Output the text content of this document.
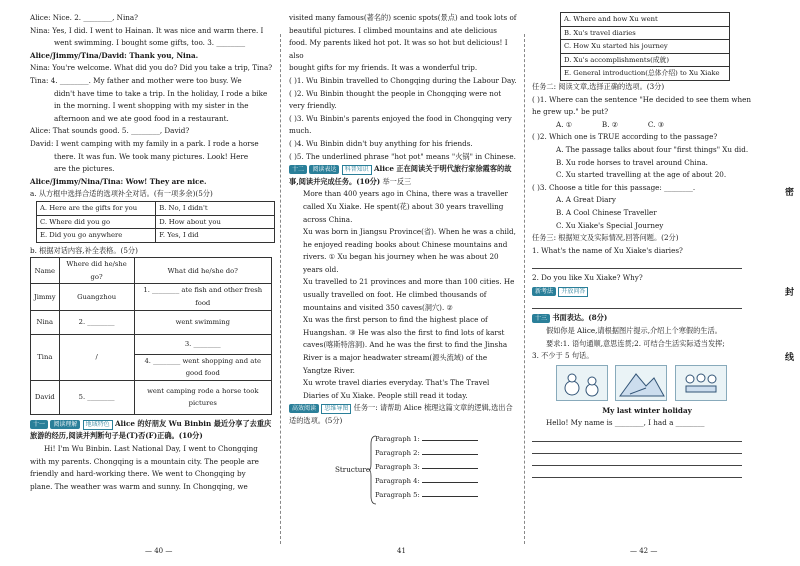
Alice: Nice. 2. ________, Nina?

Nina: Yes, I did. I went to Hainan. It was nice and warm there. I

went swimming. I bought some gifts, too. 3. ________

Alice/Jimmy/Tina/David: Thank you, Nina.

Nina: You're welcome. What did you do? Did you take a trip, Tina?

Tina: 4. ________. My father and mother were too busy. We

didn't have time to take a trip. In the holiday, I rode a bike

in the morning. I went shopping with my sister in the

afternoon and we ate good food in a restaurant.

Alice: That sounds good. 5. ________, David?

David: I went camping with my family in a park. I rode a horse

there. It was fun. We took many pictures. Look! Here

are the pictures.

Alice/Jimmy/Nina/Tina: Wow! They are nice.

a. 从方框中选择合适的选项补全对话。(有一项多余)(5分)

A. Here are the gifts for you	B. No, I didn't
C. Where did you go	D. How about you
E. Did you go anywhere	F. Yes, I did

b. 根据对话内容,补全表格。(5分)

Name	Where did he/she go?	What did he/she do?
Jimmy	Guangzhou	1. ________ ate fish and other fresh food
Nina	2. ________	went swimming
Tina	/	3. ________
		4. ________ went shopping and ate good food
David	5. ________	went camping rode a horse took pictures

十一 阅读理解 地域特色 Alice 的好朋友 Wu Binbin 最近分享了去重庆旅游的经历,阅读并判断句子是(T)否(F)正确。(10分)

Hi! I'm Wu Binbin. Last National Day, I went to Chongqing

with my parents. Chongqing is a mountain city. The people are

friendly and hard-working there. We went to Chongqing by

plane. The weather was warm and sunny. In Chongqing, we

— 40 —

visited many famous(著名的) scenic spots(景点) and took lots of

beautiful pictures. I climbed mountains and ate delicious

food. My parents liked hot pot. It was so hot but delicious! I also

bought gifts for my friends. It was a wonderful trip.

( )1. Wu Binbin travelled to Chongqing during the Labour Day.

( )2. Wu Binbin thought the people in Chongqing were not very friendly.

( )3. Wu Binbin's parents enjoyed the food in Chongqing very much.

( )4. Wu Binbin didn't buy anything for his friends.

( )5. The underlined phrase "hot pot" means "火锅" in Chinese.

十二 阅读表达 科普知识 Alice 正在阅读关于明代旅行家徐霞客的故事,阅读并完成任务。(10分) 举一反三

More than 400 years ago in China, there was a traveller called Xu Xiake. He spent(花) about 30 years travelling across China.

Xu was born in Jiangsu Province(省). When he was a child, he enjoyed reading books about Chinese mountains and rivers. ① Xu began his journey when he was about 20 years old.

Xu travelled to 21 provinces and more than 100 cities. He usually travelled on foot. He climbed thousands of mountains and visited 350 caves(洞穴). ②

Xu was the first person to find the highest place of Huangshan. ③ He was also the first to find lots of karst caves(喀斯特溶洞). And he was the first to find the Jinsha River is a major headwater stream(源头流域) of the Yangtze River.

Xu wrote travel diaries everyday. That's The Travel Diaries of Xu Xiake. People still read it today.

高效阅读 思维导图 任务一: 请帮助 Alice 梳理这篇文章的逻辑,选出合适的选项。(5分)

Structure
Paragraph 1:
Paragraph 2:
Paragraph 3:
Paragraph 4:
Paragraph 5:
41
A. Where and how Xu went
B. Xu's travel diaries
C. How Xu started his journey
D. Xu's accomplishments(成就)
E. General introduction(总体介绍) to Xu Xiake

任务二: 阅读文章,选择正确的选项。(3分)

( )1. Where can the sentence "He decided to see them when he grew up." be put?

A. ①	B. ②	C. ③

( )2. Which one is TRUE according to the passage?

A. The passage talks about four "first things" Xu did.

B. Xu rode horses to travel around China.

C. Xu started travelling at the age of about 20.

( )3. Choose a title for this passage: ________.

A. A Great Diary

B. A Cool Chinese Traveller

C. Xu Xiake's Special Journey

任务三: 根据短文及实际情况,回答问题。(2分)

1. What's the name of Xu Xiake's diaries?

2. Do you like Xu Xiake? Why?

新考法 开放问答

十三 书面表达。(8分)

假如你是 Alice,请根据图片提示,介绍上个寒假的生活。

要求:1. 语句通顺,意思连贯;2. 可结合生活实际适当发挥;

3. 不少于 5 句话。

My last winter holiday

Hello! My name is ________, I had a ________

— 42 —
密
封
线
